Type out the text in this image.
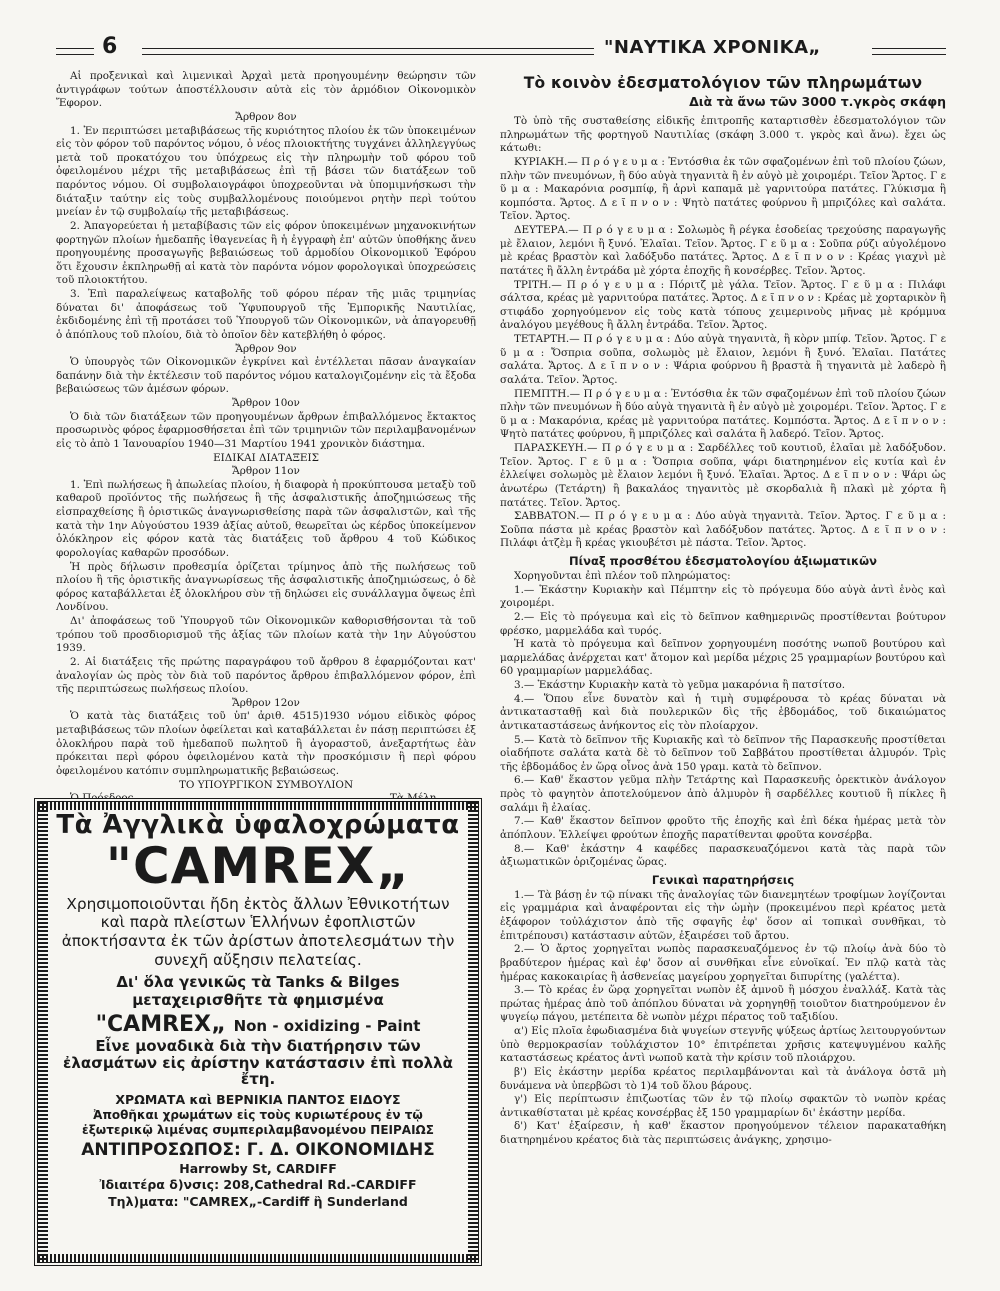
6	"ΝΑΥΤΙΚΑ ΧΡΟΝΙΚΑ„

Αἱ προξενικαὶ καὶ λιμενικαὶ Ἀρχαὶ μετὰ προηγουμένην θεώρησιν τῶν ἀντιγράφων τούτων ἀποστέλλουσιν αὐτὰ εἰς τὸν ἁρμόδιον Οἰκονομικὸν Ἔφορον.

Ἄρθρον 8ον

1. Ἐν περιπτώσει μεταβιβάσεως τῆς κυριότητος πλοίου ἐκ τῶν ὑποκειμένων εἰς τὸν φόρον τοῦ παρόντος νόμου, ὁ νέος πλοιοκτήτης τυγχάνει ἀλληλεγγύως μετὰ τοῦ προκατόχου του ὑπόχρεως εἰς τὴν πληρωμὴν τοῦ φόρου τοῦ ὀφειλομένου μέχρι τῆς μεταβιβάσεως ἐπὶ τῇ βάσει τῶν διατάξεων τοῦ παρόντος νόμου. Οἱ συμβολαιογράφοι ὑποχρεοῦνται νὰ ὑπομιμνήσκωσι τὴν διάταξιν ταύτην εἰς τοὺς συμβαλλομένους ποιούμενοι ρητὴν περὶ τούτου μνείαν ἐν τῷ συμβολαίῳ τῆς μεταβιβάσεως.

2. Ἀπαγορεύεται ἡ μεταβίβασις τῶν εἰς φόρον ὑποκειμένων μηχανοκινήτων φορτηγῶν πλοίων ἡμεδαπῆς ἰθαγενείας ἢ ἡ ἐγγραφὴ ἐπ' αὐτῶν ὑποθήκης ἄνευ προηγουμένης προσαγωγῆς βεβαιώσεως τοῦ ἁρμοδίου Οἰκονομικοῦ Ἐφόρου ὅτι ἔχουσιν ἐκπληρωθῇ αἱ κατὰ τὸν παρόντα νόμον φορολογικαὶ ὑποχρεώσεις τοῦ πλοιοκτήτου.

3. Ἐπὶ παραλείψεως καταβολῆς τοῦ φόρου πέραν τῆς μιᾶς τριμηνίας δύναται δι' ἀποφάσεως τοῦ Ὑφυπουργοῦ τῆς Ἐμπορικῆς Ναυτιλίας, ἐκδιδομένης ἐπὶ τῇ προτάσει τοῦ Ὑπουργοῦ τῶν Οἰκονομικῶν, νὰ ἀπαγορευθῇ ὁ ἀπόπλους τοῦ πλοίου, διὰ τὸ ὁποῖον δὲν κατεβλήθη ὁ φόρος.

Ἄρθρον 9ον

Ὁ ὑπουργὸς τῶν Οἰκονομικῶν ἐγκρίνει καὶ ἐντέλλεται πᾶσαν ἀναγκαίαν δαπάνην διὰ τὴν ἐκτέλεσιν τοῦ παρόντος νόμου καταλογιζομένην εἰς τὰ ἔξοδα βεβαιώσεως τῶν ἀμέσων φόρων.

Ἄρθρον 10ον

Ὁ διὰ τῶν διατάξεων τῶν προηγουμένων ἄρθρων ἐπιβαλλόμενος ἔκτακτος προσωρινὸς φόρος ἐφαρμοσθήσεται ἐπὶ τῶν τριμηνιῶν τῶν περιλαμβανομένων εἰς τὸ ἀπὸ 1 Ἰανουαρίου 1940—31 Μαρτίου 1941 χρονικὸν διάστημα.

ΕΙΔΙΚΑΙ ΔΙΑΤΑΞΕΙΣ

Ἄρθρον 11ον

1. Ἐπὶ πωλήσεως ἢ ἀπωλείας πλοίου, ἡ διαφορὰ ἡ προκύπτουσα μεταξὺ τοῦ καθαροῦ προϊόντος τῆς πωλήσεως ἢ τῆς ἀσφαλιστικῆς ἀποζημιώσεως τῆς εἰσπραχθείσης ἢ ὁριστικῶς ἀναγνωρισθείσης παρὰ τῶν ἀσφαλιστῶν, καὶ τῆς κατὰ τὴν 1ην Αὐγούστου 1939 ἀξίας αὐτοῦ, θεωρεῖται ὡς κέρδος ὑποκείμενον ὁλόκληρον εἰς φόρον κατὰ τὰς διατάξεις τοῦ ἄρθρου 4 τοῦ Κώδικος φορολογίας καθαρῶν προσόδων.

Ἡ πρὸς δήλωσιν προθεσμία ὁρίζεται τρίμηνος ἀπὸ τῆς πωλήσεως τοῦ πλοίου ἢ τῆς ὁριστικῆς ἀναγνωρίσεως τῆς ἀσφαλιστικῆς ἀποζημιώσεως, ὁ δὲ φόρος καταβάλλεται ἐξ ὁλοκλήρου σὺν τῇ δηλώσει εἰς συνάλλαγμα ὄψεως ἐπὶ Λονδίνου.

Δι' ἀποφάσεως τοῦ Ὑπουργοῦ τῶν Οἰκονομικῶν καθορισθήσονται τὰ τοῦ τρόπου τοῦ προσδιορισμοῦ τῆς ἀξίας τῶν πλοίων κατὰ τὴν 1ην Αὐγούστου 1939.

2. Αἱ διατάξεις τῆς πρώτης παραγράφου τοῦ ἄρθρου 8 ἐφαρμόζονται κατ' ἀναλογίαν ὡς πρὸς τὸν διὰ τοῦ παρόντος ἄρθρου ἐπιβαλλόμενον φόρον, ἐπὶ τῆς περιπτώσεως πωλήσεως πλοίου.

Ἄρθρον 12ον

Ὁ κατὰ τὰς διατάξεις τοῦ ὑπ' ἀριθ. 4515)1930 νόμου εἰδικὸς φόρος μεταβιβάσεως τῶν πλοίων ὀφείλεται καὶ καταβάλλεται ἐν πάσῃ περιπτώσει ἐξ ὁλοκλήρου παρὰ τοῦ ἡμεδαποῦ πωλητοῦ ἢ ἀγοραστοῦ, ἀνεξαρτήτως ἐὰν πρόκειται περὶ φόρου ὀφειλομένου κατὰ τὴν προσκόμισιν ἢ περὶ φόρου ὀφειλομένου κατόπιν συμπληρωματικῆς βεβαιώσεως.

ΤΟ ΥΠΟΥΡΓΙΚΟΝ ΣΥΜΒΟΥΛΙΟΝ

Τὰ Ἀγγλικὰ ὑφαλοχρώματα
"CAMREX„
Χρησιμοποιοῦνται ἤδη ἐκτὸς ἄλλων Ἐθνικοτήτων καὶ παρὰ πλείστων Ἑλλήνων ἐφοπλιστῶν ἀποκτήσαντα ἐκ τῶν ἀρίστων ἀποτελεσμάτων τὴν συνεχῆ αὔξησιν πελατείας.
Δι' ὅλα γενικῶς τὰ Tanks & Bilges μεταχειρισθῆτε τὰ φημισμένα
"CAMREX„ Non - oxidizing - Paint
Εἶνε μοναδικὰ διὰ τὴν διατήρησιν τῶν ἐλασμάτων εἰς ἀρίστην κατάστασιν ἐπὶ πολλὰ ἔτη.
ΧΡΩΜΑΤΑ καὶ ΒΕΡΝΙΚΙΑ ΠΑΝΤΟΣ ΕΙΔΟΥΣ
Ἀποθῆκαι χρωμάτων εἰς τοὺς κυριωτέρους ἐν τῷ ἐξωτερικῷ λιμένας συμπεριλαμβανομένου ΠΕΙΡΑΙΩΣ
ΑΝΤΙΠΡΟΣΩΠΟΣ: Γ. Δ. ΟΙΚΟΝΟΜΙΔΗΣ
Harrowby St, CARDIFF
Ἰδιαιτέρα δ)νσις: 208,Cathedral Rd.-CARDIFF
Τηλ)ματα: "CAMREX„-Cardiff ἢ Sunderland
Τὸ κοινὸν ἐδεσματολόγιον τῶν πληρωμάτων
Διὰ τὰ ἄνω τῶν 3000 τ.γκρὸς σκάφη

Τὸ ὑπὸ τῆς συσταθείσης εἰδικῆς ἐπιτροπῆς καταρτισθὲν ἐδεσματολόγιον τῶν πληρωμάτων τῆς φορτηγοῦ Ναυτιλίας (σκάφη 3.000 τ. γκρὸς καὶ ἄνω). ἔχει ὡς κάτωθι:

ΚΥΡΙΑΚΗ.— Π ρ ό γ ε υ μ α : Ἐντόσθια ἐκ τῶν σφαζομένων ἐπὶ τοῦ πλοίου ζώων, πλὴν τῶν πνευμόνων, ἢ δύο αὐγὰ τηγανιτὰ ἢ ἐν αὐγὸ μὲ χοιρομέρι. Τεῖον Ἄρτος. Γ ε ῦ μ α : Μακαρόνια ροσμπίφ, ἢ ἀρνὶ καπαμᾶ μὲ γαρνιτούρα πατάτες. Γλύκισμα ἢ κομπόστα. Ἄρτος. Δ ε ῖ π ν ο ν : Ψητὸ πατάτες φούρνου ἢ μπριζόλες καὶ σαλάτα. Τεῖον. Ἄρτος.

ΔΕΥΤΕΡΑ.— Π ρ ό γ ε υ μ α : Σολωμὸς ἢ ρέγκα ἐσοδείας τρεχούσης παραγωγῆς μὲ ἔλαιον, λεμόνι ἢ ξυνό. Ἐλαῖαι. Τεῖον. Ἄρτος. Γ ε ῦ μ α : Σοῦπα ρύζι αὐγολέμονο μὲ κρέας βραστὸν καὶ λαδόξυδο πατάτες. Ἄρτος. Δ ε ῖ π ν ο ν : Κρέας γιαχνὶ μὲ πατάτες ἢ ἄλλη ἐντράδα μὲ χόρτα ἐποχῆς ἢ κονσέρβες. Τεῖον. Ἄρτος.

ΤΡΙΤΗ.— Π ρ ό γ ε υ μ α : Πόριτζ μὲ γάλα. Τεῖον. Ἄρτος. Γ ε ῦ μ α : Πιλάφι σάλτσα, κρέας μὲ γαρνιτούρα πατάτες. Ἄρτος. Δ ε ῖ π ν ο ν : Κρέας μὲ χορταρικὸν ἢ στιφάδο χορηγούμενον εἰς τοὺς κατὰ τόπους χειμερινοὺς μῆνας μὲ κρόμμυα ἀναλόγου μεγέθους ἢ ἄλλη ἐντράδα. Τεῖον. Ἄρτος.

ΤΕΤΑΡΤΗ.— Π ρ ό γ ε υ μ α : Δύο αὐγὰ τηγανιτὰ, ἢ κὸρν μπίφ. Τεῖον. Ἄρτος. Γ ε ῦ μ α : Ὄσπρια σοῦπα, σολωμὸς μὲ ἔλαιον, λεμόνι ἢ ξυνό. Ἐλαῖαι. Πατάτες σαλάτα. Ἄρτος. Δ ε ῖ π ν ο ν : Ψάρια φούρνου ἢ βραστὰ ἢ τηγανιτὰ μὲ λαδερὸ ἢ σαλάτα. Τεῖον. Ἄρτος.

ΠΕΜΠΤΗ.— Π ρ ό γ ε υ μ α : Ἐντόσθια ἐκ τῶν σφαζομένων ἐπὶ τοῦ πλοίου ζώων πλὴν τῶν πνευμόνων ἢ δύο αὐγὰ τηγανιτὰ ἢ ἐν αὐγὸ μὲ χοιρομέρι. Τεῖον. Ἄρτος. Γ ε ῦ μ α : Μακαρόνια, κρέας μὲ γαρνιτούρα πατάτες. Κομπόστα. Ἄρτος. Δ ε ῖ π ν ο ν : Ψητὸ πατάτες φούρνου, ἢ μπριζόλες καὶ σαλάτα ἢ λαδερό. Τεῖον. Ἄρτος.

ΠΑΡΑΣΚΕΥΗ.— Π ρ ό γ ε υ μ α : Σαρδέλλες τοῦ κουτιοῦ, ἐλαῖαι μὲ λαδόξυδον. Τεῖον. Ἄρτος. Γ ε ῦ μ α : Ὄσπρια σοῦπα, ψάρι διατηρημένον εἰς κυτία καὶ ἐν ἐλλείψει σολωμὸς μὲ ἔλαιον λεμόνι ἢ ξυνό. Ἐλαῖαι. Ἄρτος. Δ ε ῖ π ν ο ν : Ψάρι ὡς ἀνωτέρω (Τετάρτη) ἢ βακαλάος τηγανιτὸς μὲ σκορδαλιὰ ἢ πλακὶ μὲ χόρτα ἢ πατάτες. Τεῖον. Ἄρτος.

ΣΑΒΒΑΤΟΝ.— Π ρ ό γ ε υ μ α : Δύο αὐγὰ τηγανιτὰ. Τεῖον. Ἄρτος. Γ ε ῦ μ α : Σοῦπα πάστα μὲ κρέας βραστὸν καὶ λαδόξυδον πατάτες. Ἄρτος. Δ ε ῖ π ν ο ν : Πιλάφι ἀτζὲμ ἢ κρέας γκιουβέτσι μὲ πάστα. Τεῖον. Ἄρτος.

Πίναξ προσθέτου ἐδεσματολογίου ἀξιωματικῶν

Χορηγοῦνται ἐπὶ πλέον τοῦ πληρώματος:

1.— Ἑκάστην Κυριακὴν καὶ Πέμπτην εἰς τὸ πρόγευμα δύο αὐγὰ ἀντὶ ἑνὸς καὶ χοιρομέρι.

2.— Εἰς τὸ πρόγευμα καὶ εἰς τὸ δεῖπνον καθημερινῶς προστίθενται βούτυρον φρέσκο, μαρμελάδα καὶ τυρός.

Ἡ κατὰ τὸ πρόγευμα καὶ δεῖπνον χορηγουμένη ποσότης νωποῦ βουτύρου καὶ μαρμελάδας ἀνέρχεται κατ' ἄτομον καὶ μερίδα μέχρις 25 γραμμαρίων βουτύρου καὶ 60 γραμμαρίων μαρμελάδας.

3.— Ἑκάστην Κυριακὴν κατὰ τὸ γεῦμα μακαρόνια ἢ πατσίτσο.

4.— Ὅπου εἶνε δυνατὸν καὶ ἡ τιμὴ συμφέρουσα τὸ κρέας δύναται νὰ ἀντικατασταθῇ καὶ διὰ πουλερικῶν δὶς τῆς ἑβδομάδος, τοῦ δικαιώματος ἀντικαταστάσεως ἀνήκοντος εἰς τὸν πλοίαρχον.

5.— Κατὰ τὸ δεῖπνον τῆς Κυριακῆς καὶ τὸ δεῖπνον τῆς Παρασκευῆς προστίθεται οἰαδήποτε σαλάτα κατὰ δὲ τὸ δεῖπνον τοῦ Σαββάτου προστίθεται ἁλμυρόν. Τρὶς τῆς ἑβδομάδος ἐν ὥρᾳ οἶνος ἀνὰ 150 γραμ. κατὰ τὸ δεῖπνον.

6.— Καθ' ἕκαστον γεῦμα πλὴν Τετάρτης καὶ Παρασκευῆς ὀρεκτικὸν ἀνάλογον πρὸς τὸ φαγητὸν ἀποτελούμενον ἀπὸ ἁλμυρὸν ἢ σαρδέλλες κουτιοῦ ἢ πίκλες ἢ σαλάμι ἢ ἐλαίας.

7.— Καθ' ἕκαστον δεῖπνον φροῦτο τῆς ἐποχῆς καὶ ἐπὶ δέκα ἡμέρας μετὰ τὸν ἀπόπλουν. Ἐλλείψει φρούτων ἐποχῆς παρατίθενται φροῦτα κονσέρβα.

8.— Καθ' ἑκάστην 4 καφέδες παρασκευαζόμενοι κατὰ τὰς παρὰ τῶν ἀξιωματικῶν ὁριζομένας ὥρας.

Γενικαὶ παρατηρήσεις

1.— Τὰ βάσῃ ἐν τῷ πίνακι τῆς ἀναλογίας τῶν διανεμητέων τροφίμων λογίζονται εἰς γραμμάρια καὶ ἀναφέρονται εἰς τὴν ὠμὴν (προκειμένου περὶ κρέατος μετὰ ἐξάφορον τοὐλάχιστον ἀπὸ τῆς σφαγῆς ἐφ' ὅσον αἱ τοπικαὶ συνθῆκαι, τὸ ἐπιτρέπουσι) κατάστασιν αὐτῶν, ἐξαιρέσει τοῦ ἄρτου.

2.— Ὁ ἄρτος χορηγεῖται νωπὸς παρασκευαζόμενος ἐν τῷ πλοίῳ ἀνὰ δύο τὸ βραδύτερον ἡμέρας καὶ ἐφ' ὅσον αἱ συνθῆκαι εἶνε εὐνοϊκαί. Ἐν πλῷ κατὰ τὰς ἡμέρας κακοκαιρίας ἢ ἀσθενείας μαγείρου χορηγεῖται διπυρίτης (γαλέττα).

3.— Τὸ κρέας ἐν ὥρᾳ χορηγεῖται νωπὸν ἐξ ἀμνοῦ ἢ μόσχου ἐναλλάξ. Κατὰ τὰς πρώτας ἡμέρας ἀπὸ τοῦ ἀπόπλου δύναται νὰ χορηγηθῇ τοιοῦτον διατηρούμενον ἐν ψυγείῳ πάγου, μετέπειτα δὲ νωπὸν μέχρι πέρατος τοῦ ταξιδίου.

α') Εἰς πλοῖα ἐφωδιασμένα διὰ ψυγείων στεγνῆς ψύξεως ἀρτίως λειτουργούντων ὑπὸ θερμοκρασίαν τοὐλάχιστον 10° ἐπιτρέπεται χρῆσις κατεψυγμένου καλῆς καταστάσεως κρέατος ἀντὶ νωποῦ κατὰ τὴν κρίσιν τοῦ πλοιάρχου.

β') Εἰς ἑκάστην μερίδα κρέατος περιλαμβάνονται καὶ τὰ ἀνάλογα ὀστᾶ μὴ δυνάμενα νὰ ὑπερβῶσι τὸ 1)4 τοῦ ὅλου βάρους.

γ') Εἰς περίπτωσιν ἐπιζωοτίας τῶν ἐν τῷ πλοίῳ σφακτῶν τὸ νωπὸν κρέας ἀντικαθίσταται μὲ κρέας κονσέρβας ἐξ 150 γραμμαρίων δι' ἑκάστην μερίδα.

δ') Κατ' ἐξαίρεσιν, ἡ καθ' ἕκαστον προηγούμενον τέλειον παρακαταθήκη διατηρημένου κρέατος διὰ τὰς περιπτώσεις ἀνάγκης, χρησιμο-
